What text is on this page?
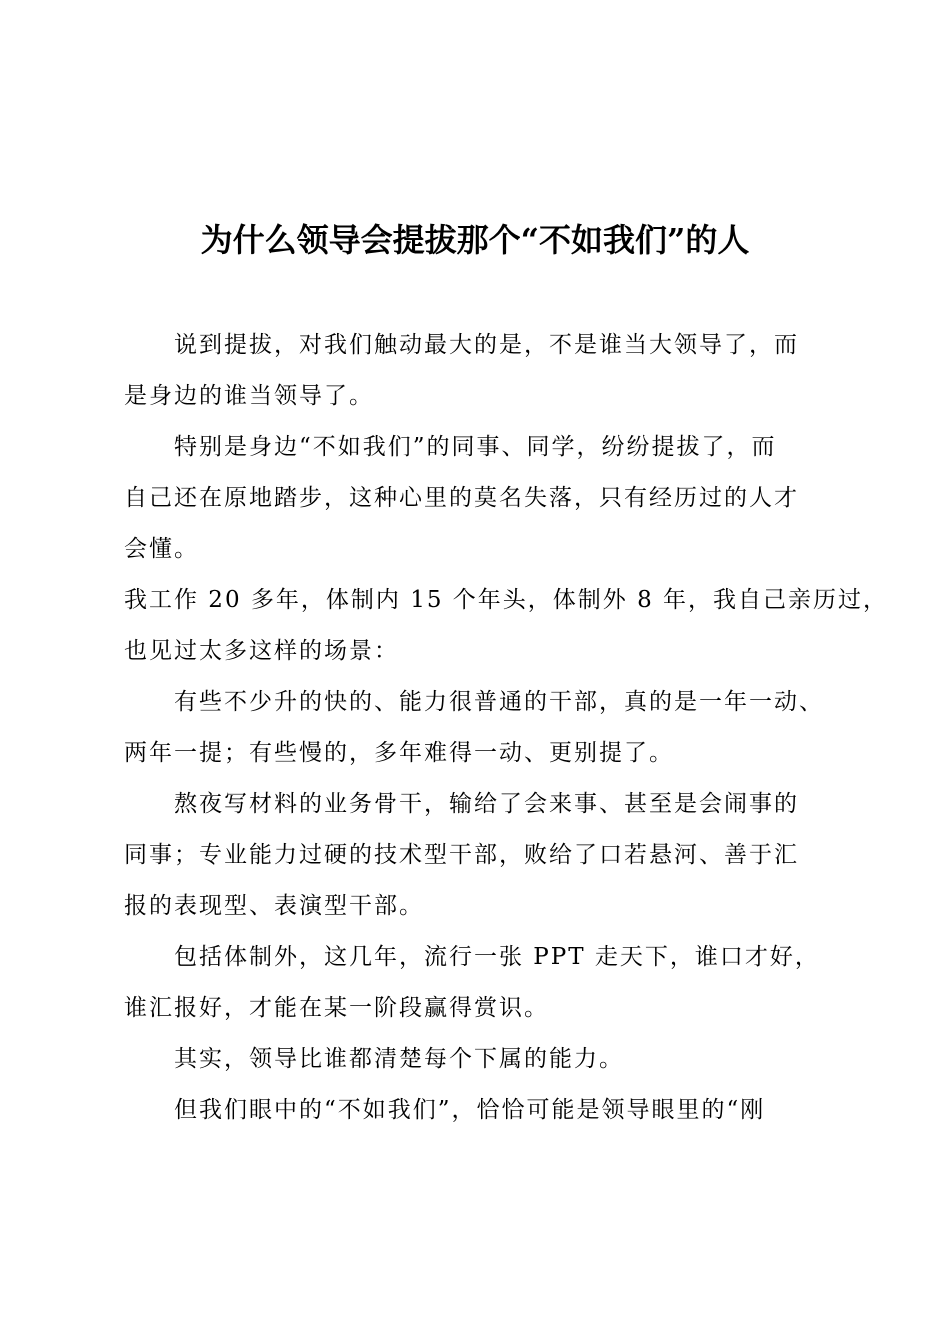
为什么领导会提拔那个“不如我们”的人
说到提拔，对我们触动最大的是，不是谁当大领导了，而
是身边的谁当领导了。
特别是身边“不如我们”的同事、同学，纷纷提拔了，而
自己还在原地踏步，这种心里的莫名失落，只有经历过的人才
会懂。
我工作 20 多年，体制内 15 个年头，体制外 8 年，我自己亲历过，
也见过太多这样的场景：
有些不少升的快的、能力很普通的干部，真的是一年一动、
两年一提；有些慢的，多年难得一动、更别提了。
熬夜写材料的业务骨干，输给了会来事、甚至是会闹事的
同事；专业能力过硬的技术型干部，败给了口若悬河、善于汇
报的表现型、表演型干部。
包括体制外，这几年，流行一张 PPT 走天下，谁口才好，
谁汇报好，才能在某一阶段赢得赏识。
其实，领导比谁都清楚每个下属的能力。
但我们眼中的“不如我们”，恰恰可能是领导眼里的“刚
